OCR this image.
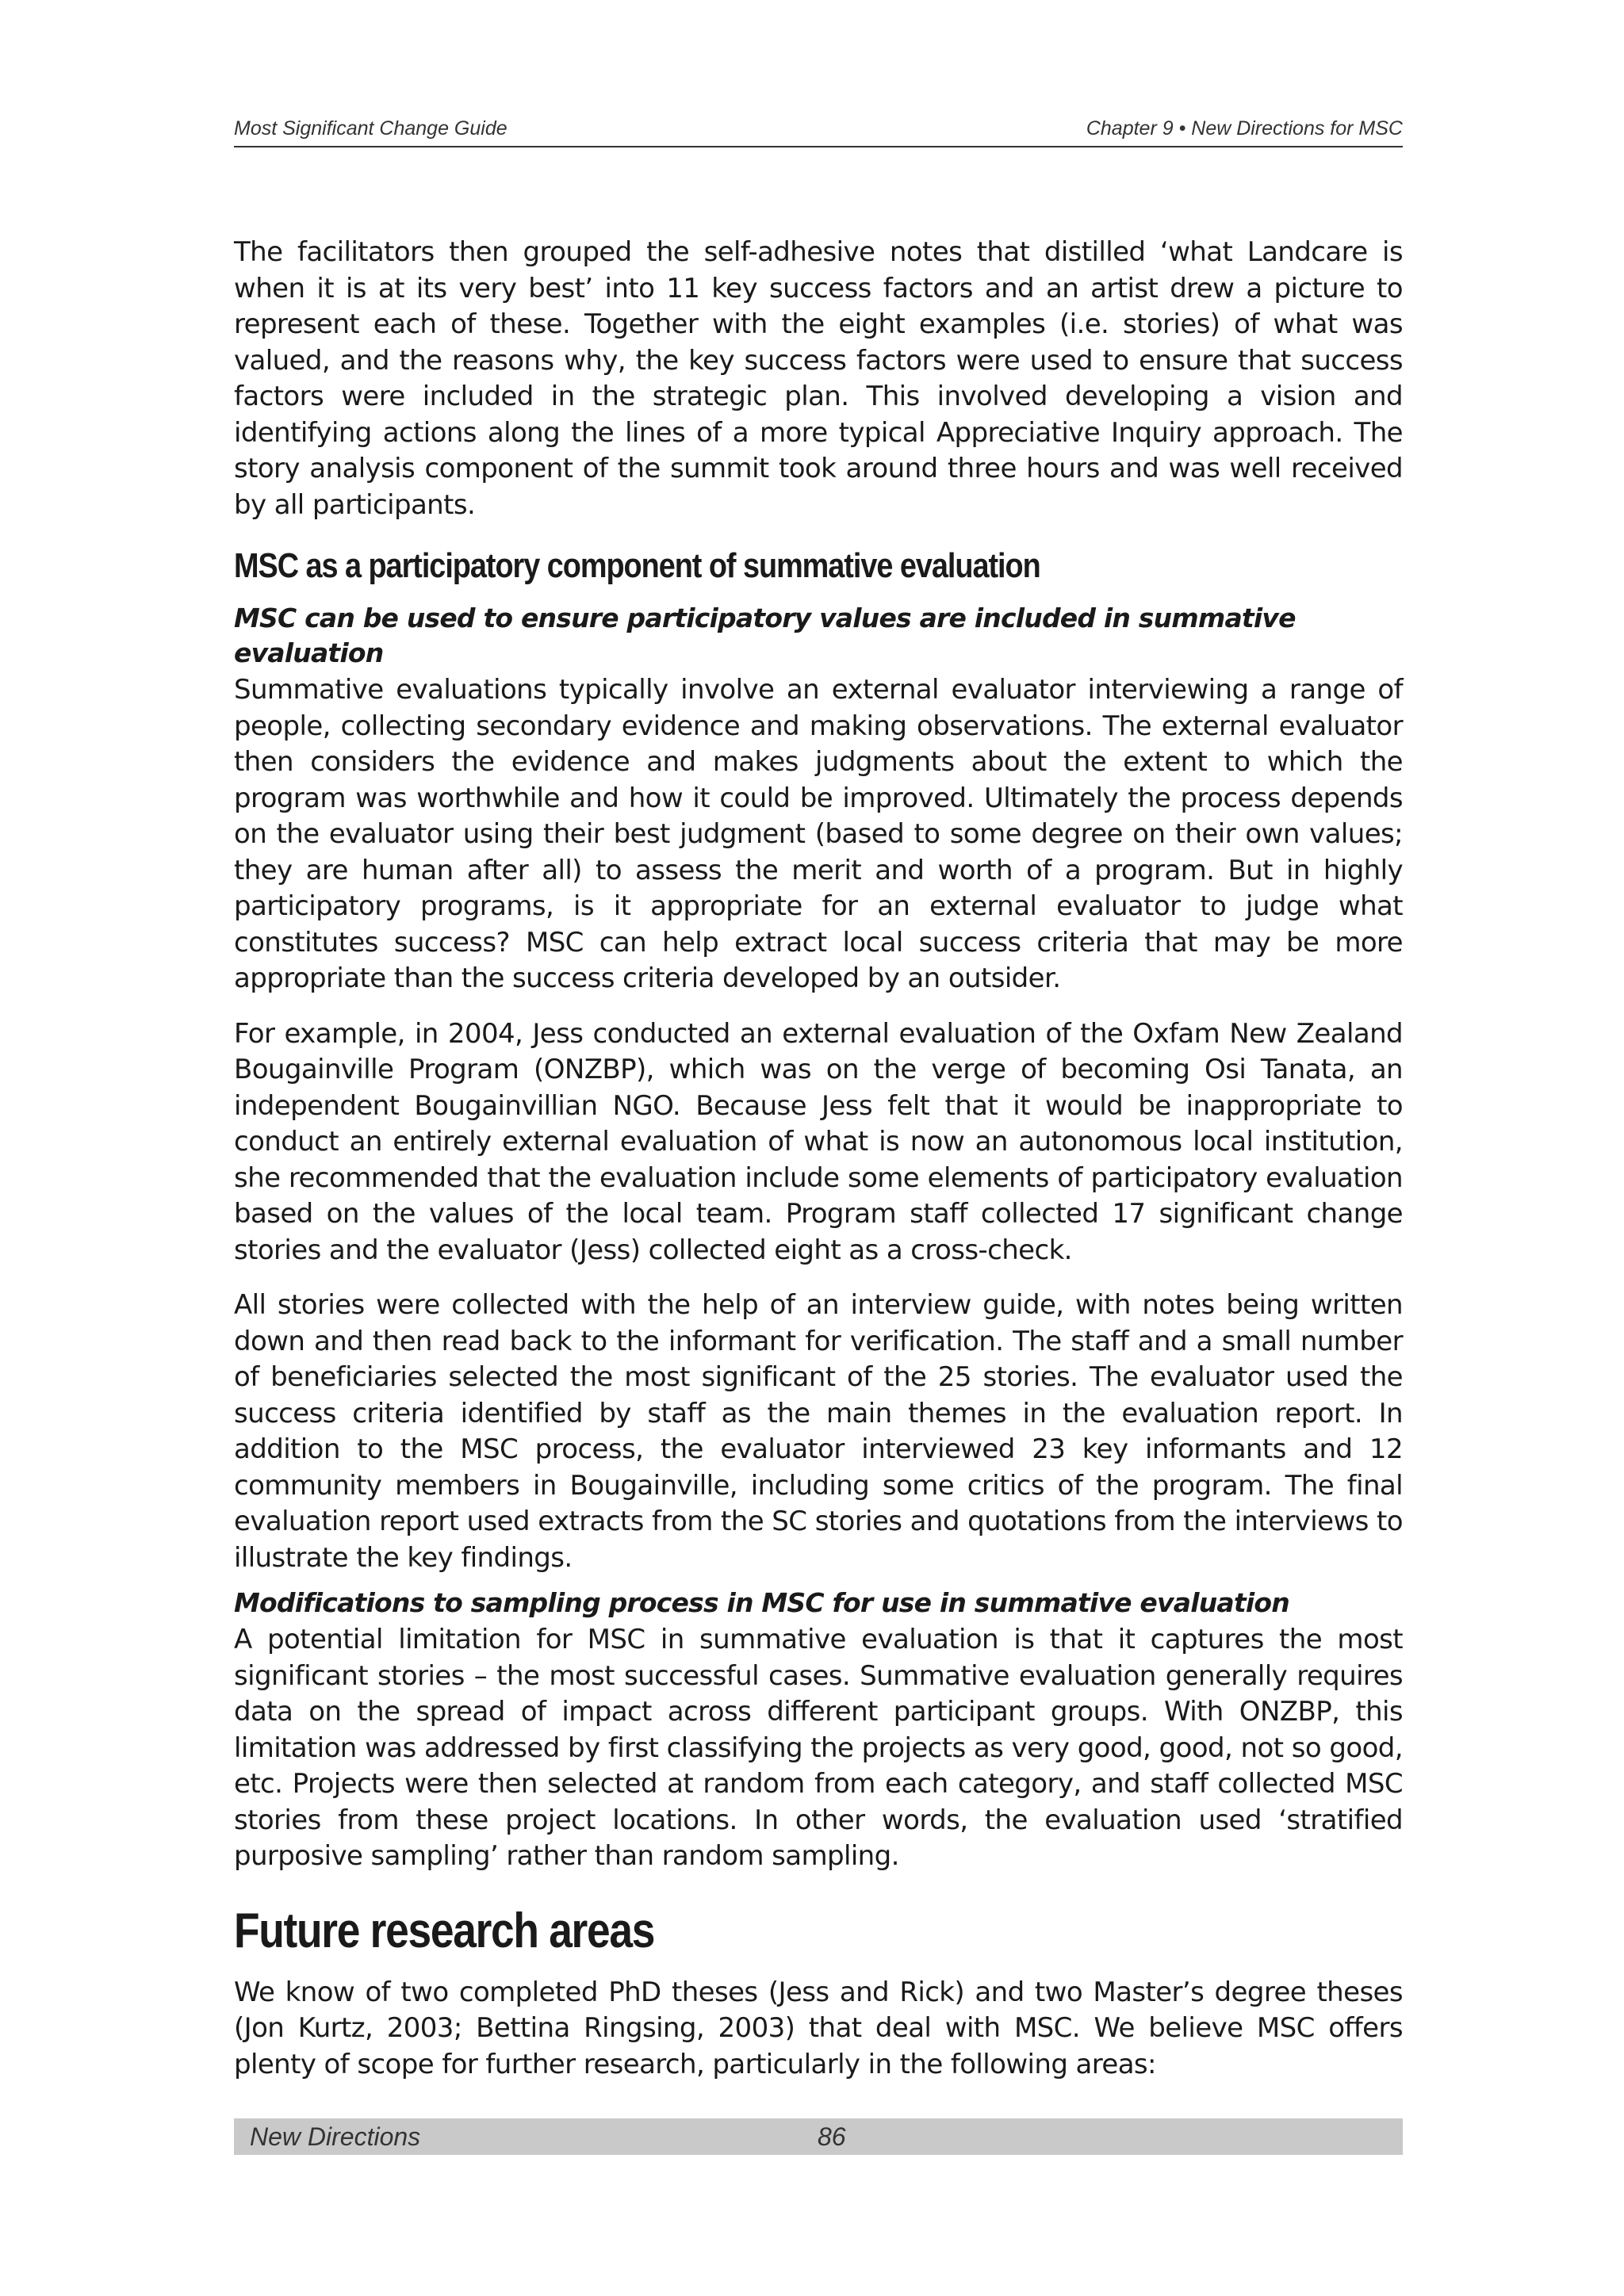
Most Significant Change Guide	Chapter 9 • New Directions for MSC

The facilitators then grouped the self-adhesive notes that distilled ‘what Landcare is when it is at its very best’ into 11 key success factors and an artist drew a picture to represent each of these. Together with the eight examples (i.e. stories) of what was valued, and the reasons why, the key success factors were used to ensure that success factors were included in the strategic plan. This involved developing a vision and identifying actions along the lines of a more typical Appreciative Inquiry approach. The story analysis component of the summit took around three hours and was well received by all participants.

MSC as a participatory component of summative evaluation
MSC can be used to ensure participatory values are included in summative evaluation

Summative evaluations typically involve an external evaluator interviewing a range of people, collecting secondary evidence and making observations. The external evaluator then considers the evidence and makes judgments about the extent to which the program was worthwhile and how it could be improved. Ultimately the process depends on the evaluator using their best judgment (based to some degree on their own values; they are human after all) to assess the merit and worth of a program. But in highly participatory programs, is it appropriate for an external evaluator to judge what constitutes success? MSC can help extract local success criteria that may be more appropriate than the success criteria developed by an outsider.

For example, in 2004, Jess conducted an external evaluation of the Oxfam New Zealand Bougainville Program (ONZBP), which was on the verge of becoming Osi Tanata, an independent Bougainvillian NGO. Because Jess felt that it would be inappropriate to conduct an entirely external evaluation of what is now an autonomous local institution, she recommended that the evaluation include some elements of participatory evaluation based on the values of the local team. Program staff collected 17 significant change stories and the evaluator (Jess) collected eight as a cross-check.

All stories were collected with the help of an interview guide, with notes being written down and then read back to the informant for verification. The staff and a small number of beneficiaries selected the most significant of the 25 stories. The evaluator used the success criteria identified by staff as the main themes in the evaluation report. In addition to the MSC process, the evaluator interviewed 23 key informants and 12 community members in Bougainville, including some critics of the program. The final evaluation report used extracts from the SC stories and quotations from the interviews to illustrate the key findings.

Modifications to sampling process in MSC for use in summative evaluation

A potential limitation for MSC in summative evaluation is that it captures the most significant stories – the most successful cases. Summative evaluation generally requires data on the spread of impact across different participant groups. With ONZBP, this limitation was addressed by first classifying the projects as very good, good, not so good, etc. Projects were then selected at random from each category, and staff collected MSC stories from these project locations. In other words, the evaluation used ‘stratified purposive sampling’ rather than random sampling.

Future research areas

We know of two completed PhD theses (Jess and Rick) and two Master’s degree theses (Jon Kurtz, 2003; Bettina Ringsing, 2003) that deal with MSC. We believe MSC offers plenty of scope for further research, particularly in the following areas:

New Directions	86
